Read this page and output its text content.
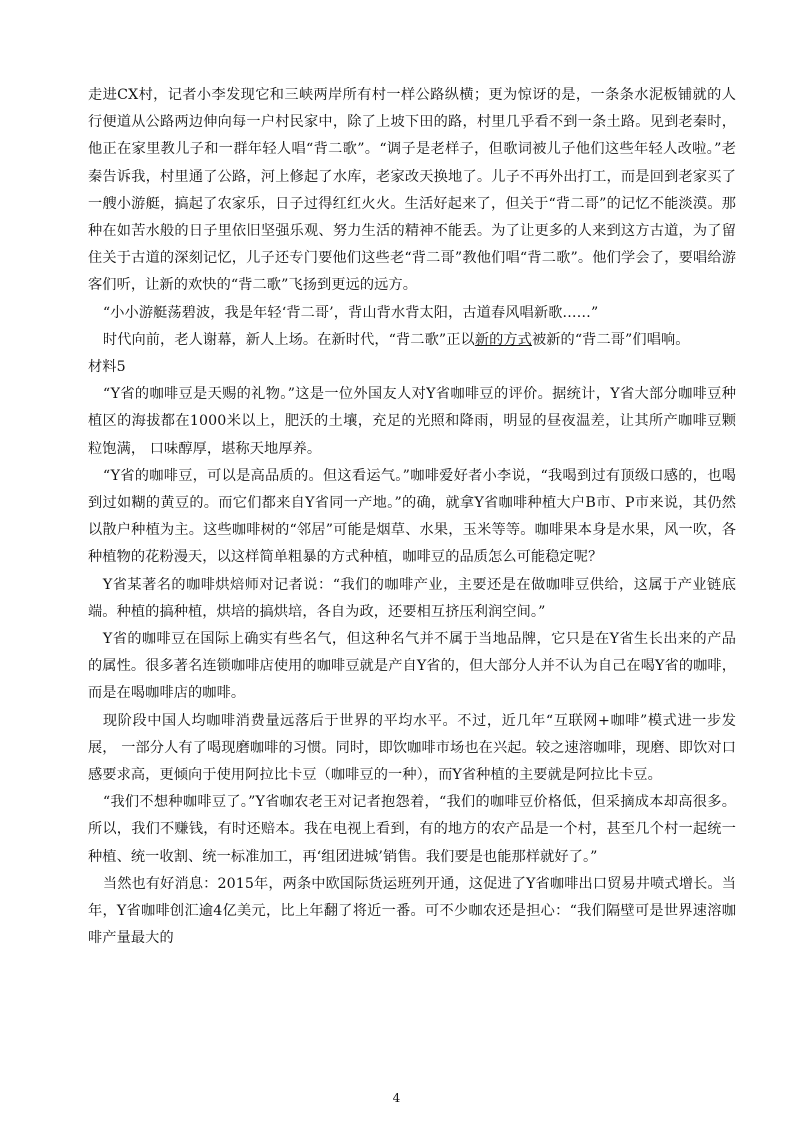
走进CX村，记者小李发现它和三峡两岸所有村一样公路纵横；更为惊讶的是，一条条水泥板铺就的人行便道从公路两边伸向每一户村民家中，除了上坡下田的路，村里几乎看不到一条土路。见到老秦时，他正在家里教儿子和一群年轻人唱“背二歌”。“调子是老样子，但歌词被儿子他们这些年轻人改啦。”老秦告诉我，村里通了公路，河上修起了水库，老家改天换地了。儿子不再外出打工，而是回到老家买了一艘小游艇，搞起了农家乐，日子过得红红火火。生活好起来了，但关于“背二哥”的记忆不能淡漠。那种在如苦水般的日子里依旧坚强乐观、努力生活的精神不能丢。为了让更多的人来到这方古道，为了留住关于古道的深刻记忆，儿子还专门要他们这些老“背二哥”教他们唱“背二歌”。他们学会了，要唱给游客们听，让新的欢快的“背二歌”飞扬到更远的远方。

“小小游艇荡碧波，我是年轻‘背二哥’，背山背水背太阳，古道春风唱新歌……”

时代向前，老人谢幕，新人上场。在新时代，“背二歌”正以新的方式被新的“背二哥”们唱响。

材料5

“Y省的咖啡豆是天赐的礼物。”这是一位外国友人对Y省咖啡豆的评价。据统计，Y省大部分咖啡豆种植区的海拔都在1000米以上，肥沃的土壤，充足的光照和降雨，明显的昼夜温差，让其所产咖啡豆颗粒饱满， 口味醇厚，堪称天地厚养。

“Y省的咖啡豆，可以是高品质的。但这看运气。”咖啡爱好者小李说，“我喝到过有顶级口感的，也喝到过如糊的黄豆的。而它们都来自Y省同一产地。”的确，就拿Y省咖啡种植大户B市、P市来说，其仍然以散户种植为主。这些咖啡树的“邻居”可能是烟草、水果，玉米等等。咖啡果本身是水果，风一吹，各种植物的花粉漫天，以这样简单粗暴的方式种植，咖啡豆的品质怎么可能稳定呢？

Y省某著名的咖啡烘焙师对记者说：“我们的咖啡产业，主要还是在做咖啡豆供给，这属于产业链底端。种植的搞种植，烘培的搞烘培，各自为政，还要相互挤压利润空间。”

Y省的咖啡豆在国际上确实有些名气，但这种名气并不属于当地品牌，它只是在Y省生长出来的产品的属性。很多著名连锁咖啡店使用的咖啡豆就是产自Y省的，但大部分人并不认为自己在喝Y省的咖啡，而是在喝咖啡店的咖啡。

现阶段中国人均咖啡消费量远落后于世界的平均水平。不过，近几年“互联网+咖啡”模式进一步发展， 一部分人有了喝现磨咖啡的习惯。同时，即饮咖啡市场也在兴起。较之速溶咖啡，现磨、即饮对口感要求高，更倾向于使用阿拉比卡豆（咖啡豆的一种），而Y省种植的主要就是阿拉比卡豆。

“我们不想种咖啡豆了。”Y省咖农老王对记者抱怨着，“我们的咖啡豆价格低，但采摘成本却高很多。所以，我们不赚钱，有时还赔本。我在电视上看到，有的地方的农产品是一个村，甚至几个村一起统一种植、统一收割、统一标准加工，再‘组团进城’销售。我们要是也能那样就好了。”

当然也有好消息：2015年，两条中欧国际货运班列开通，这促进了Y省咖啡出口贸易井喷式增长。当年，Y省咖啡创汇逾4亿美元，比上年翻了将近一番。可不少咖农还是担心：“我们隔壁可是世界速溶咖啡产量最大的

4
